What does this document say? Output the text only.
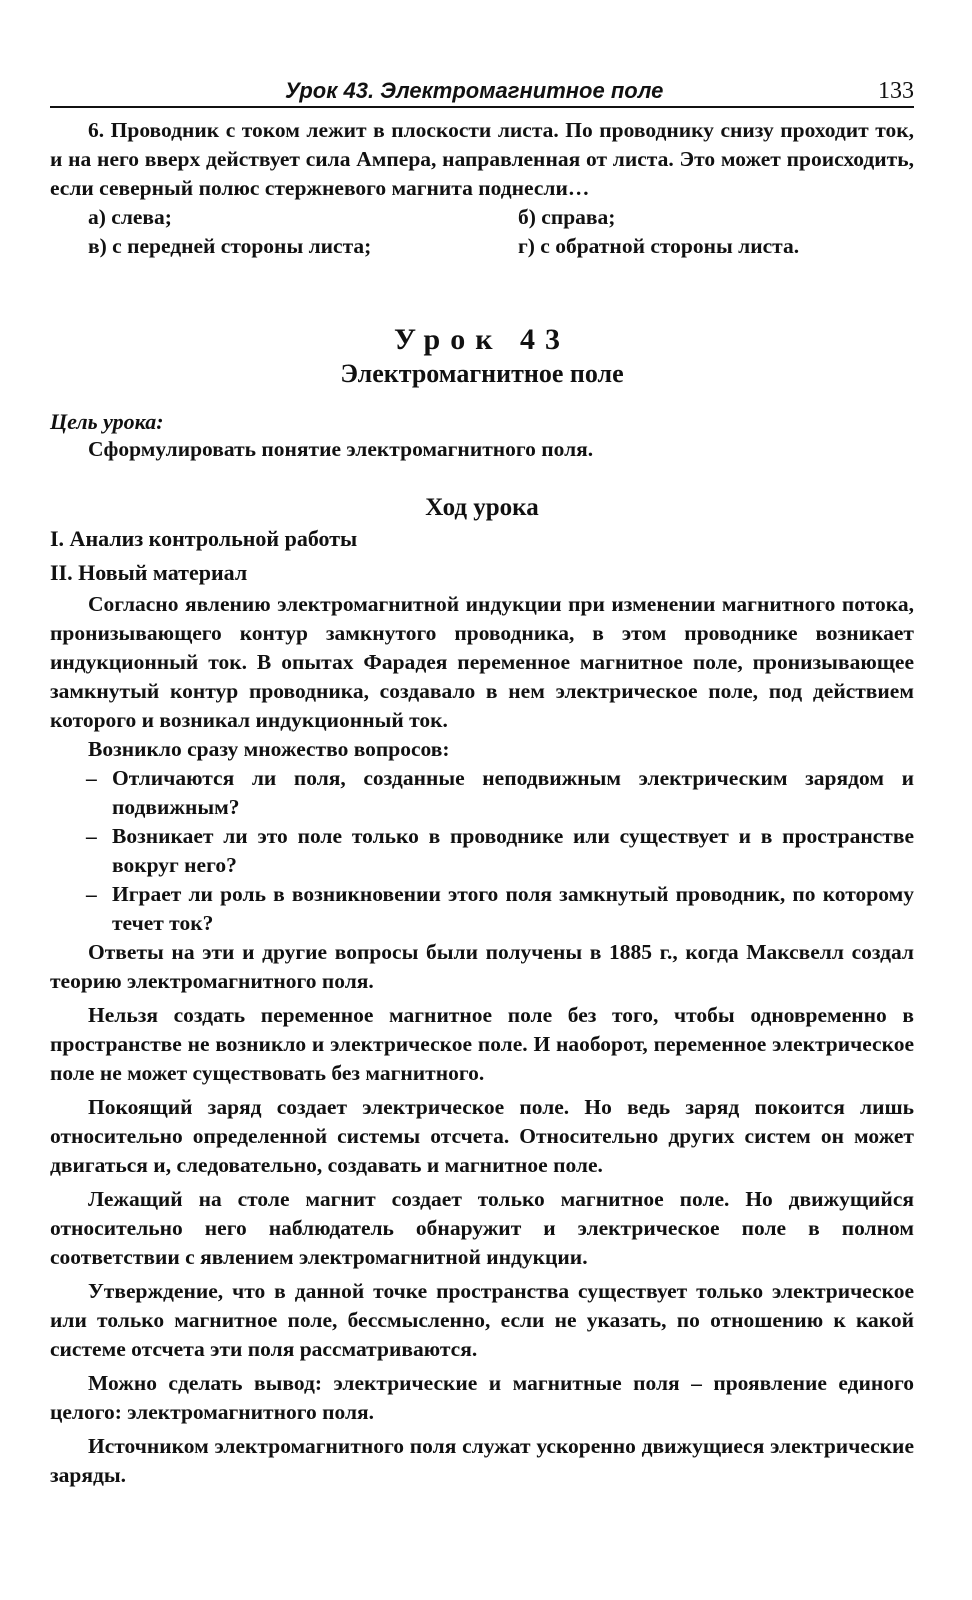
Урок 43. Электромагнитное поле	133

6. Проводник с током лежит в плоскости листа. По проводнику снизу проходит ток, и на него вверх действует сила Ампера, направленная от листа. Это может происходить, если северный полюс стержневого магнита поднесли…

а) слева;	б) справа;
в) с передней стороны листа;	г) с обратной стороны листа.
Урок 43
Электромагнитное поле
Цель урока:

Сформулировать понятие электромагнитного поля.

Ход урока
I. Анализ контрольной работы
II. Новый материал

Согласно явлению электромагнитной индукции при изменении магнитного потока, пронизывающего контур замкнутого проводника, в этом проводнике возникает индукционный ток. В опытах Фарадея переменное магнитное поле, пронизывающее замкнутый контур проводника, создавало в нем электрическое поле, под действием которого и возникал индукционный ток.

Возникло сразу множество вопросов:

– Отличаются ли поля, созданные неподвижным электрическим зарядом и подвижным?
– Возникает ли это поле только в проводнике или существует и в пространстве вокруг него?
– Играет ли роль в возникновении этого поля замкнутый проводник, по которому течет ток?

Ответы на эти и другие вопросы были получены в 1885 г., когда Максвелл создал теорию электромагнитного поля.

Нельзя создать переменное магнитное поле без того, чтобы одновременно в пространстве не возникло и электрическое поле. И наоборот, переменное электрическое поле не может существовать без магнитного.

Покоящий заряд создает электрическое поле. Но ведь заряд покоится лишь относительно определенной системы отсчета. Относительно других систем он может двигаться и, следовательно, создавать и магнитное поле.

Лежащий на столе магнит создает только магнитное поле. Но движущийся относительно него наблюдатель обнаружит и электрическое поле в полном соответствии с явлением электромагнитной индукции.

Утверждение, что в данной точке пространства существует только электрическое или только магнитное поле, бессмысленно, если не указать, по отношению к какой системе отсчета эти поля рассматриваются.

Можно сделать вывод: электрические и магнитные поля – проявление единого целого: электромагнитного поля.

Источником электромагнитного поля служат ускоренно движущиеся электрические заряды.
